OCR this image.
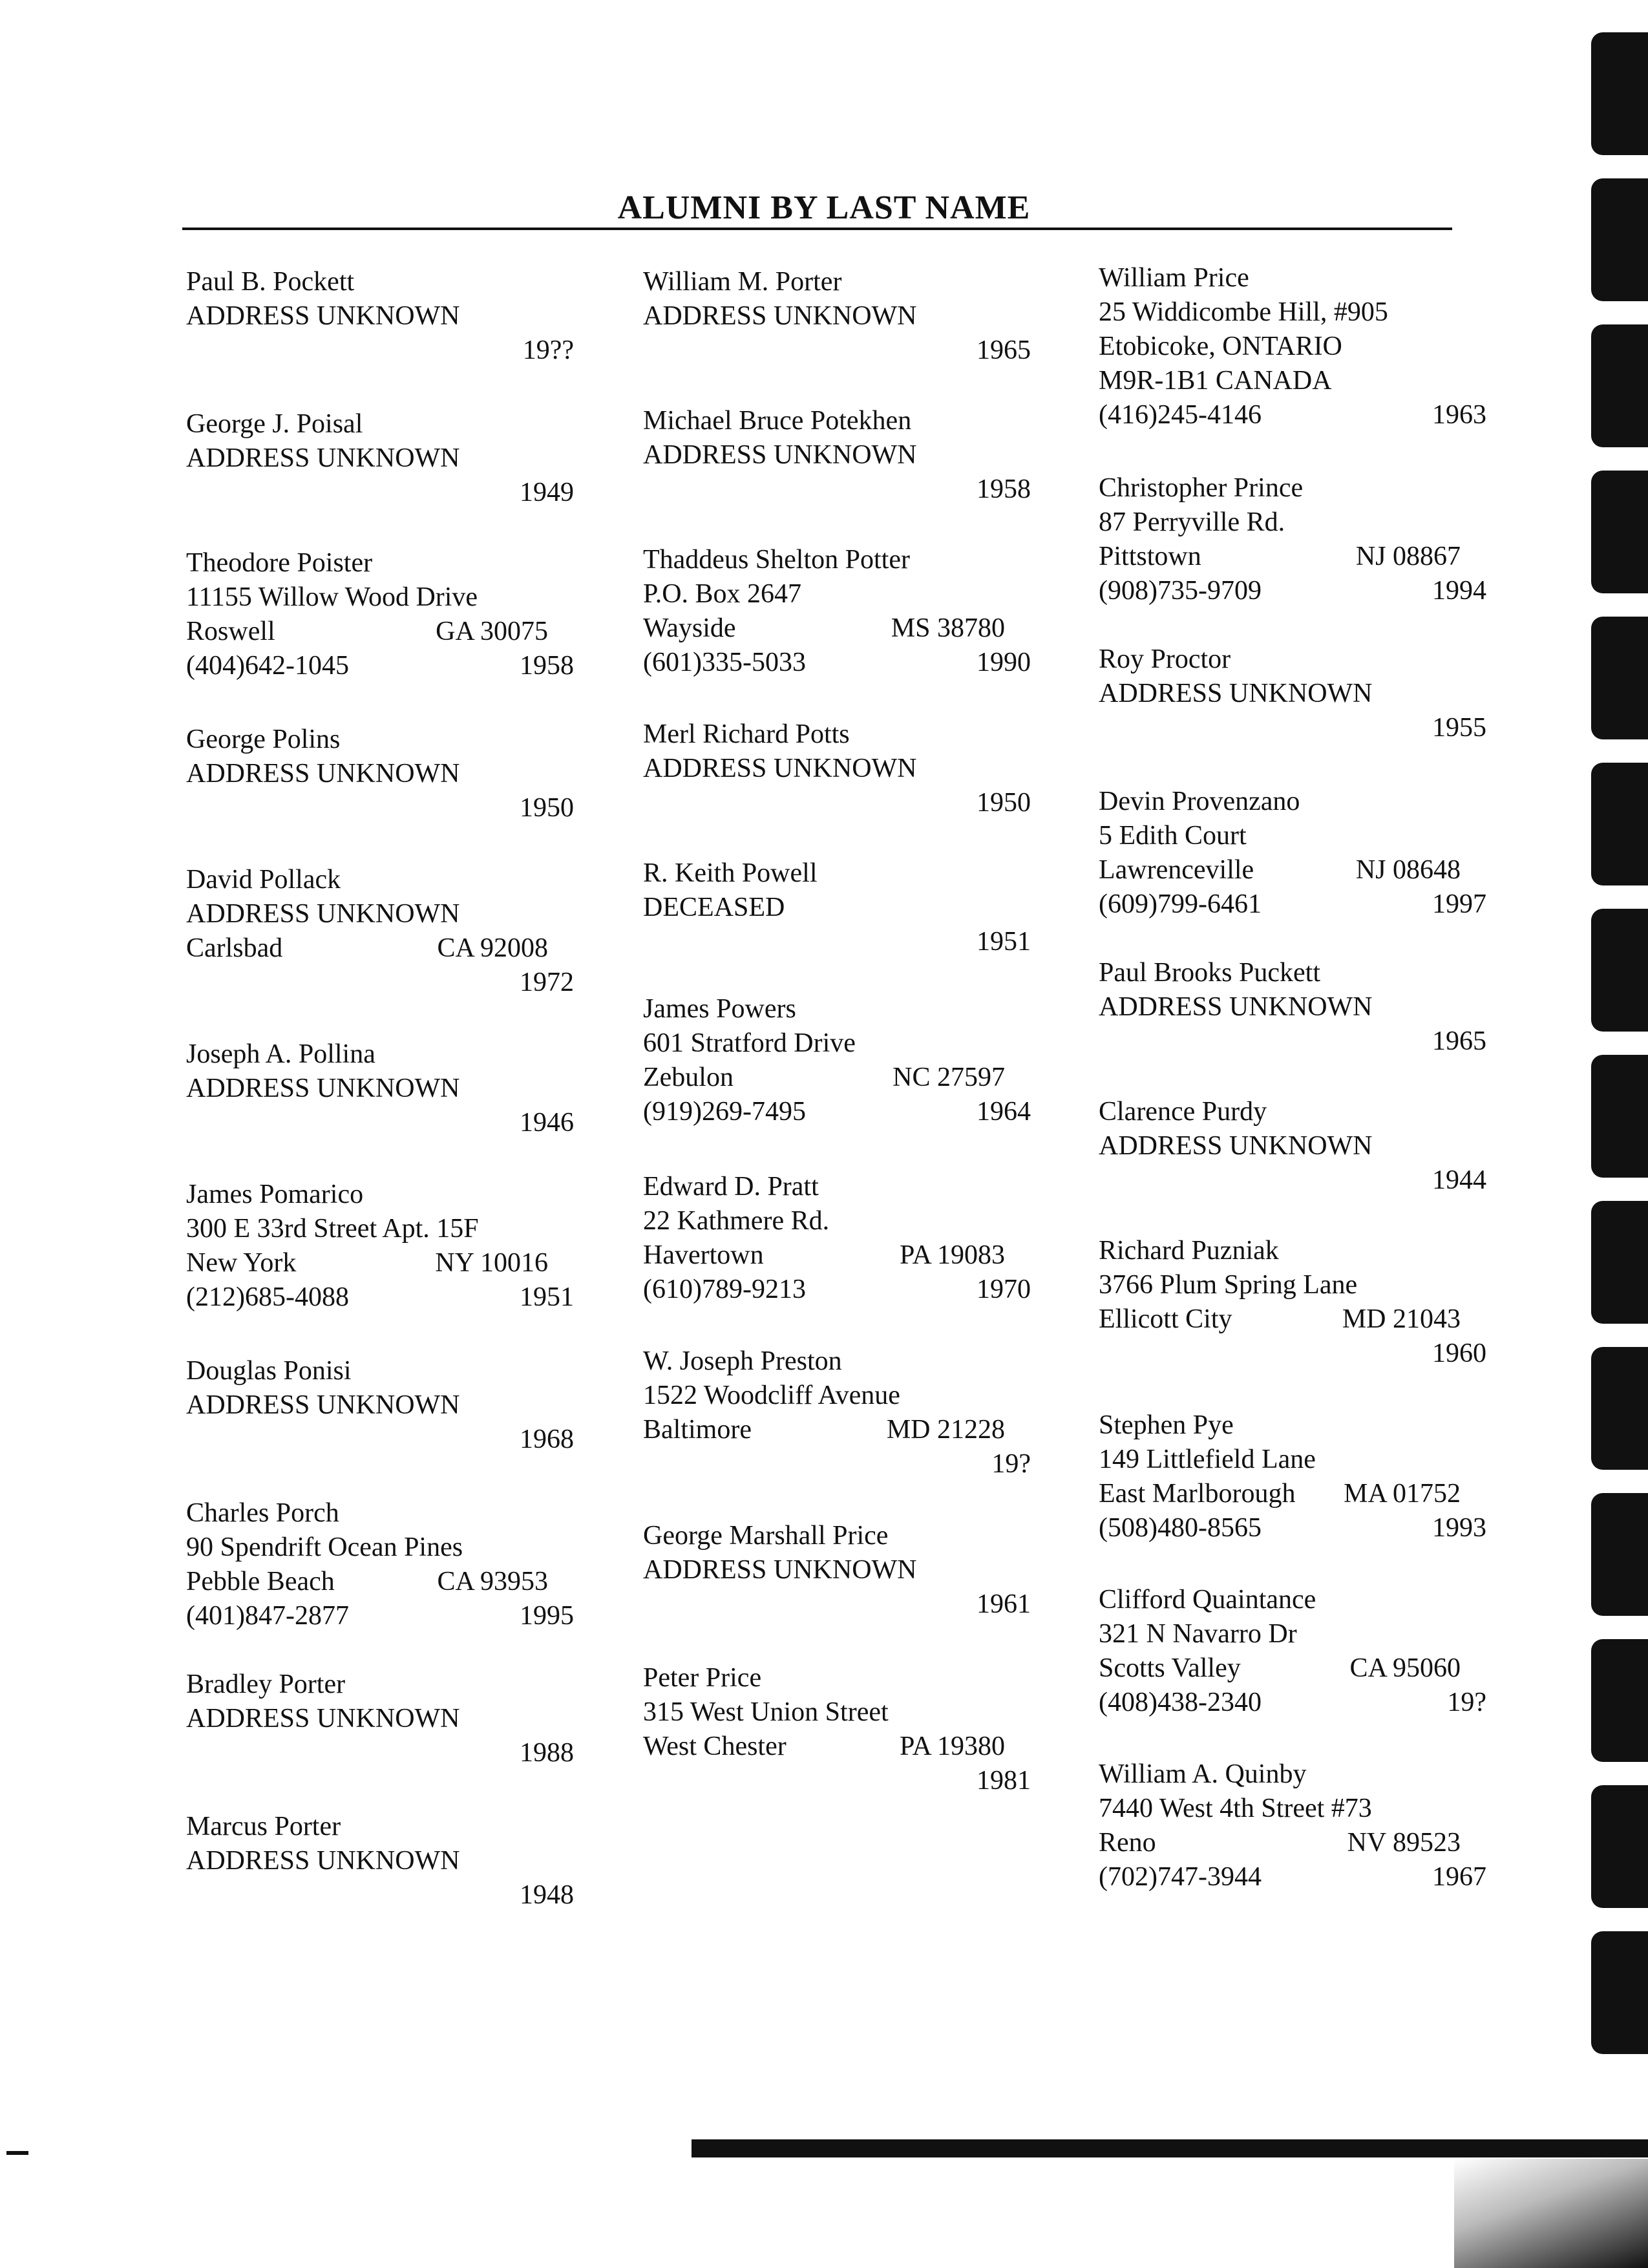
ALUMNI BY LAST NAME
Paul B. Pockett
ADDRESS UNKNOWN
19??
George J. Poisal
ADDRESS UNKNOWN
1949
Theodore Poister
11155 Willow Wood Drive
Roswell	GA 30075
(404)642-1045	1958
George Polins
ADDRESS UNKNOWN
1950
David Pollack
ADDRESS UNKNOWN
Carlsbad	CA 92008
1972
Joseph A. Pollina
ADDRESS UNKNOWN
1946
James Pomarico
300 E 33rd Street Apt. 15F
New York	NY 10016
(212)685-4088	1951
Douglas Ponisi
ADDRESS UNKNOWN
1968
Charles Porch
90 Spendrift Ocean Pines
Pebble Beach	CA 93953
(401)847-2877	1995
Bradley Porter
ADDRESS UNKNOWN
1988
Marcus Porter
ADDRESS UNKNOWN
1948
William M. Porter
ADDRESS UNKNOWN
1965
Michael Bruce Potekhen
ADDRESS UNKNOWN
1958
Thaddeus Shelton Potter
P.O. Box 2647
Wayside	MS 38780
(601)335-5033	1990
Merl Richard Potts
ADDRESS UNKNOWN
1950
R. Keith Powell
DECEASED
1951
James Powers
601 Stratford Drive
Zebulon	NC 27597
(919)269-7495	1964
Edward D. Pratt
22 Kathmere Rd.
Havertown	PA 19083
(610)789-9213	1970
W. Joseph Preston
1522 Woodcliff Avenue
Baltimore	MD 21228
19?
George Marshall Price
ADDRESS UNKNOWN
1961
Peter Price
315 West Union Street
West Chester	PA 19380
1981
William Price
25 Widdicombe Hill, #905
Etobicoke, ONTARIO
M9R-1B1 CANADA
(416)245-4146	1963
Christopher Prince
87 Perryville Rd.
Pittstown	NJ 08867
(908)735-9709	1994
Roy Proctor
ADDRESS UNKNOWN
1955
Devin Provenzano
5 Edith Court
Lawrenceville	NJ 08648
(609)799-6461	1997
Paul Brooks Puckett
ADDRESS UNKNOWN
1965
Clarence Purdy
ADDRESS UNKNOWN
1944
Richard Puzniak
3766 Plum Spring Lane
Ellicott City	MD 21043
1960
Stephen Pye
149 Littlefield Lane
East Marlborough MA 01752
(508)480-8565	1993
Clifford Quaintance
321 N Navarro Dr
Scotts Valley	CA 95060
(408)438-2340	19?
William A. Quinby
7440 West 4th Street #73
Reno	NV 89523
(702)747-3944	1967
